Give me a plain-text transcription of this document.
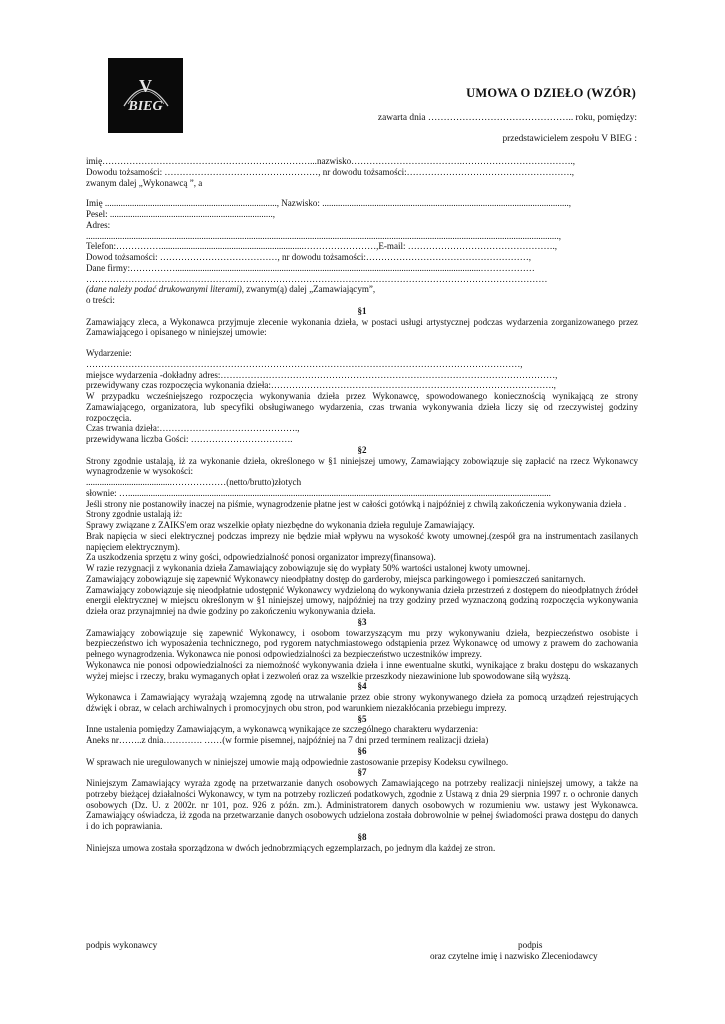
V
BIEG
UMOWA O DZIEŁO (WZÓR)
zawarta dnia ……………………………………….. roku, pomiędzy:
przedstawicielem zespołu V BIEG :

imię……………………………………………………………...nazwisko……………………………….……………………………….,

Dowodu tożsamości: ……………………………………………, nr dowodu tożsamości:……………………………………………….,

zwanym dalej „Wykonawcą ”, a

Imię ............................................................................, Nazwisko: .............................................................................................................,

Pesel: ........................................................................,

Adres:

.................................................................................................................................................................................................................,

Telefon:……………...............................................................……………………,E-mail: ………………………………………….,

Dowod tożsamości: …………………………………, nr dowodu tożsamości:………………………………………………,

Dane firmy:…………….......................................................................................................................................………………

………………………………………………………………………………………………………………………………………

(dane należy podać drukowanymi literami), zwanym(ą) dalej „Zamawiającym”,

o treści:

§1

Zamawiający zleca, a Wykonawca przyjmuje zlecenie wykonania dzieła, w postaci usługi artystycznej podczas wydarzenia zorganizowanego przez Zamawiającego i opisanego w niniejszej umowie:

Wydarzenie:

………………………………………………………………………………………………………………………………,

miejsce wydarzenia -dokładny adres:…………………………………………………………………………………………………,

przewidywany czas rozpoczęcia wykonania dzieła:………………………………………………………………………………….,

W przypadku wcześniejszego rozpoczęcia wykonywania dzieła przez Wykonawcę, spowodowanego koniecznością wynikającą ze strony Zamawiającego, organizatora, lub specyfiki obsługiwanego wydarzenia, czas trwania wykonywania dzieła liczy się od rzeczywistej godziny rozpoczęcia.

Czas trwania dzieła:……………………………………….,

przewidywana liczba Gości: …………………………….

§2

Strony zgodnie ustalają, iż za wykonanie dzieła, określonego w §1 niniejszej umowy, Zamawiający zobowiązuje się zapłacić na rzecz Wykonawcy wynagrodzenie w wysokości:

......................................………………(netto/brutto)złotych

słownie: …...........................................................................................................................................................................................

Jeśli strony nie postanowiły inaczej na piśmie, wynagrodzenie płatne jest w całości gotówką i najpóźniej z chwilą zakończenia wykonywania dzieła .

Strony zgodnie ustalają iż:

Sprawy związane z ZAIKS'em oraz wszelkie opłaty niezbędne do wykonania dzieła reguluje Zamawiający.

Brak napięcia w sieci elektrycznej podczas imprezy nie będzie miał wpływu na wysokość kwoty umownej.(zespół gra na instrumentach zasilanych napięciem elektrycznym).

Za uszkodzenia sprzętu z winy gości, odpowiedzialność ponosi organizator imprezy(finansowa).

W razie rezygnacji z wykonania dzieła Zamawiający zobowiązuje się do wypłaty 50% wartości ustalonej kwoty umownej.

Zamawiający zobowiązuje się zapewnić Wykonawcy nieodpłatny dostęp do garderoby, miejsca parkingowego i pomieszczeń sanitarnych.

Zamawiający zobowiązuje się nieodpłatnie udostępnić Wykonawcy wydzieloną do wykonywania dzieła przestrzeń z dostępem do nieodpłatnych źródeł energii elektrycznej w miejscu określonym w §1 niniejszej umowy, najpóźniej na trzy godziny przed wyznaczoną godziną rozpoczęcia wykonywania dzieła oraz przynajmniej na dwie godziny po zakończeniu wykonywania dzieła.

§3

Zamawiający zobowiązuje się zapewnić Wykonawcy, i osobom towarzyszącym mu przy wykonywaniu dzieła, bezpieczeństwo osobiste i bezpieczeństwo ich wyposażenia technicznego, pod rygorem natychmiastowego odstąpienia przez Wykonawcę od umowy z prawem do zachowania pełnego wynagrodzenia. Wykonawca nie ponosi odpowiedzialności za bezpieczeństwo uczestników imprezy.

Wykonawca nie ponosi odpowiedzialności za niemożność wykonywania dzieła i inne ewentualne skutki, wynikające z braku dostępu do wskazanych wyżej miejsc i rzeczy, braku wymaganych opłat i zezwoleń oraz za wszelkie przeszkody niezawinione lub spowodowane siłą wyższą.

§4

Wykonawca i Zamawiający wyrażają wzajemną zgodę na utrwalanie przez obie strony wykonywanego dzieła za pomocą urządzeń rejestrujących dźwięk i obraz, w celach archiwalnych i promocyjnych obu stron, pod warunkiem niezakłócania przebiegu imprezy.

§5

Inne ustalenia pomiędzy Zamawiającym, a wykonawcą wynikające ze szczególnego charakteru wydarzenia:

Aneks nr……..z dnia…………. ……(w formie pisemnej, najpóźniej na 7 dni przed terminem realizacji dzieła)

§6

W sprawach nie uregulowanych w niniejszej umowie mają odpowiednie zastosowanie przepisy Kodeksu cywilnego.

§7

Niniejszym Zamawiający wyraża zgodę na przetwarzanie danych osobowych Zamawiającego na potrzeby realizacji niniejszej umowy, a także na potrzeby bieżącej działalności Wykonawcy, w tym na potrzeby rozliczeń podatkowych, zgodnie z Ustawą z dnia 29 sierpnia 1997 r. o ochronie danych osobowych (Dz. U. z 2002r. nr 101, poz. 926 z późn. zm.). Administratorem danych osobowych w rozumieniu ww. ustawy jest Wykonawca. Zamawiający oświadcza, iż zgoda na przetwarzanie danych osobowych udzielona została dobrowolnie w pełnej świadomości prawa dostępu do danych i do ich poprawiania.

§8

Niniejsza umowa została sporządzona w dwóch jednobrzmiących egzemplarzach, po jednym dla każdej ze stron.

podpis wykonawcy	podpis
oraz czytelne imię i nazwisko Zleceniodawcy
